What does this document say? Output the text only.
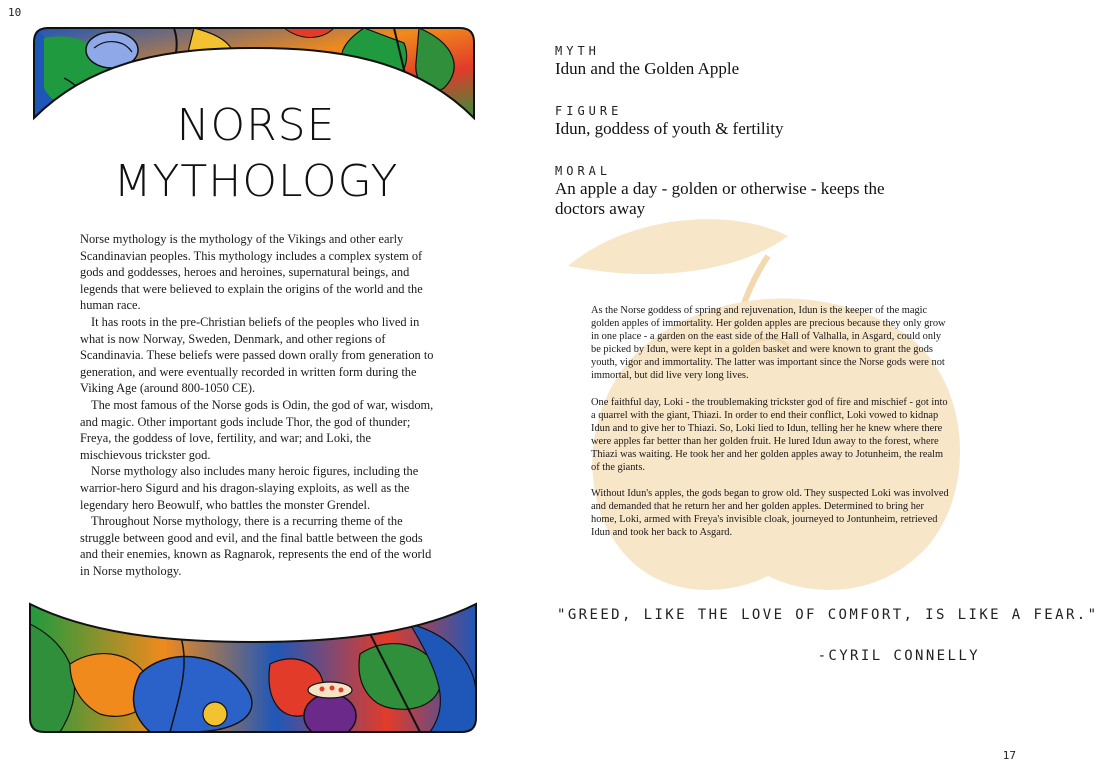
10
17
NORSE
MYTHOLOGY

Norse mythology is the mythology of the Vikings and other early Scandinavian peoples. This mythology includes a complex system of gods and goddesses, heroes and heroines, supernatural beings, and legends that were believed to explain the origins of the world and the human race.

It has roots in the pre-Christian beliefs of the peoples who lived in what is now Norway, Sweden, Denmark, and other regions of Scandinavia. These beliefs were passed down orally from generation to generation, and were eventually recorded in written form during the Viking Age (around 800-1050 CE).

The most famous of the Norse gods is Odin, the god of war, wisdom, and magic. Other important gods include Thor, the god of thunder; Freya, the goddess of love, fertility, and war; and Loki, the mischievous trickster god.

Norse mythology also includes many heroic figures, including the warrior-hero Sigurd and his dragon-slaying exploits, as well as the legendary hero Beowulf, who battles the monster Grendel.

Throughout Norse mythology, there is a recurring theme of the struggle between good and evil, and the final battle between the gods and their enemies, known as Ragnarok, represents the end of the world in Norse mythology.

MYTH
Idun and the Golden Apple
FIGURE
Idun, goddess of youth & fertility
MORAL
An apple a day - golden or otherwise - keeps the doctors away

As the Norse goddess of spring and rejuvenation, Idun is the keeper of the magic golden apples of immortality. Her golden apples are precious because they only grow in one place - a garden on the east side of the Hall of Valhalla, in Asgard, could only be picked by Idun, were kept in a golden basket and were known to grant the gods youth, vigor and immortality. The latter was important since the Norse gods were not immortal, but did live very long lives.

One faithful day, Loki - the troublemaking trickster god of fire and mischief - got into a quarrel with the giant, Thiazi. In order to end their conflict, Loki vowed to kidnap Idun and to give her to Thiazi. So, Loki lied to Idun, telling her he knew where there were apples far better than her golden fruit. He lured Idun away to the forest, where Thiazi was waiting. He took her and her golden apples away to Jotunheim, the realm of the giants.

Without Idun's apples, the gods began to grow old. They suspected Loki was involved and demanded that he return her and her golden apples. Determined to bring her home, Loki, armed with Freya's invisible cloak, journeyed to Jontunheim, retrieved Idun and took her back to Asgard.

"GREED, LIKE THE LOVE OF COMFORT, IS LIKE A FEAR."
-CYRIL CONNELLY
